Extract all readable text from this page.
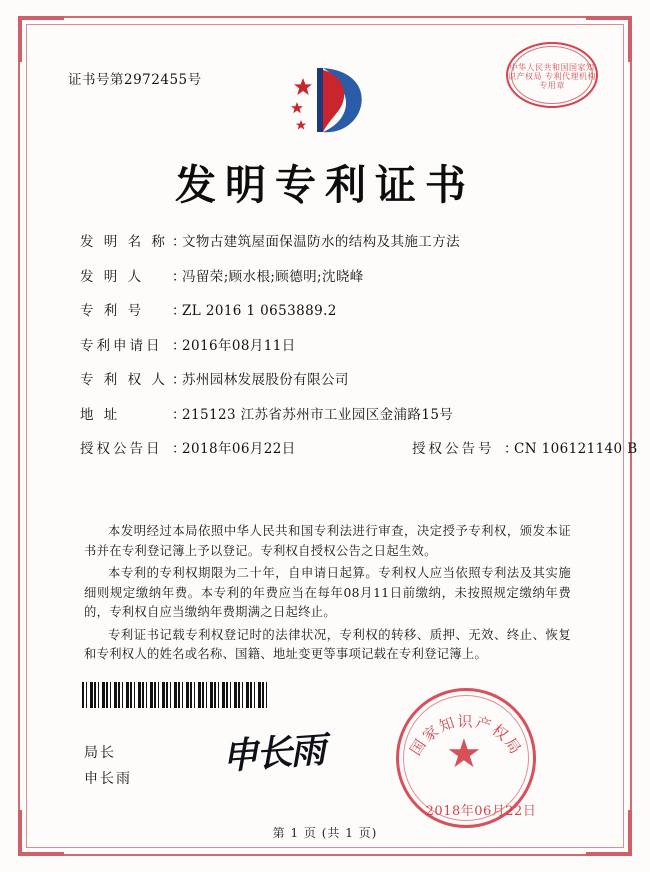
证书号第2972455号
中华人民共和国国家知识产权局 专利代理机构专用章
发明专利证书
发 明 名 称 ：
文物古建筑屋面保温防水的结构及其施工方法
发 明 人	：
冯留荣;顾水根;顾德明;沈晓峰
专 利 号	：
ZL 2016 1 0653889.2
专利申请日 ：
2016年08月11日
专 利 权 人 ：
苏州园林发展股份有限公司
地 址	：
215123 江苏省苏州市工业园区金浦路15号
授权公告日 ：
2018年06月22日	授权公告号 ：
CN 106121140 B

本发明经过本局依照中华人民共和国专利法进行审查，决定授予专利权，颁发本证书并在专利登记簿上予以登记。专利权自授权公告之日起生效。

本专利的专利权期限为二十年，自申请日起算。专利权人应当依照专利法及其实施细则规定缴纳年费。本专利的年费应当在每年08月11日前缴纳，未按照规定缴纳年费的，专利权自应当缴纳年费期满之日起终止。

专利证书记载专利权登记时的法律状况，专利权的转移、质押、无效、终止、恢复和专利权人的姓名或名称、国籍、地址变更等事项记载在专利登记簿上。

局长
申长雨
申长雨	国家知识产权局
★
2018年06月22日
第 1 页 (共 1 页)
